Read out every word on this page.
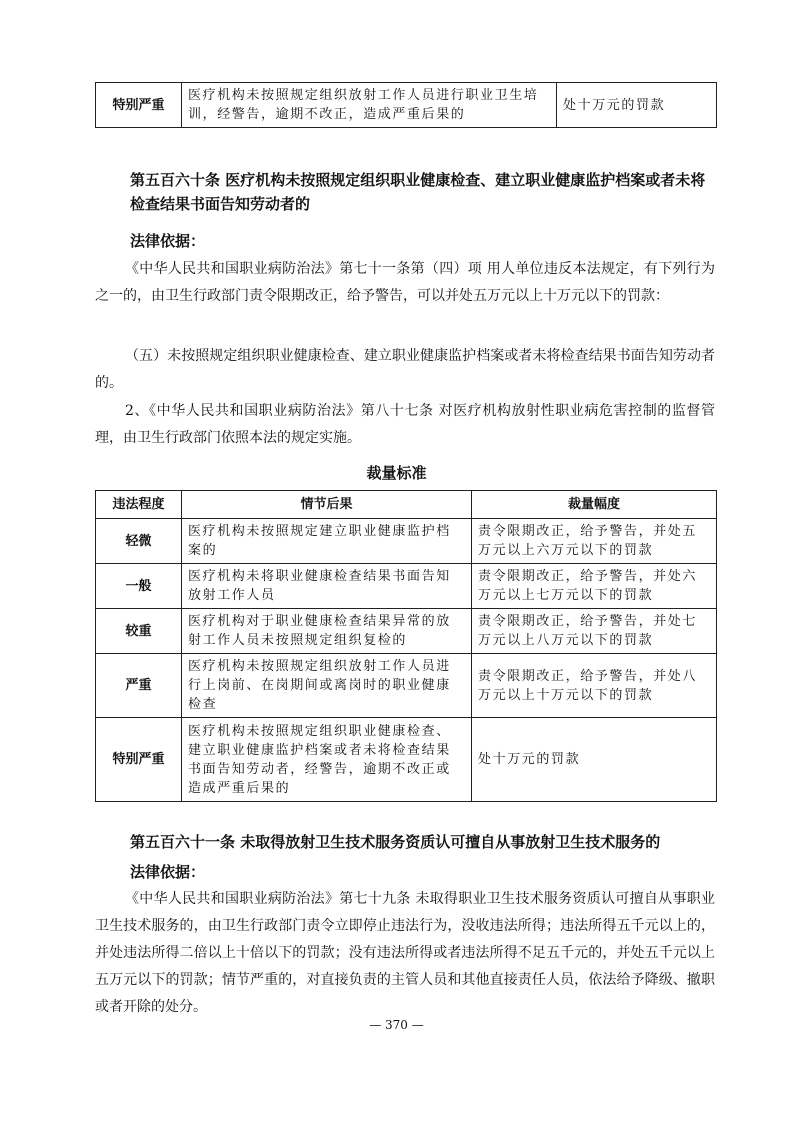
特别严重	医疗机构未按照规定组织放射工作人员进行职业卫生培训，经警告，逾期不改正，造成严重后果的	处十万元的罚款
第五百六十条 医疗机构未按照规定组织职业健康检查、建立职业健康监护档案或者未将检查结果书面告知劳动者的
法律依据：
《中华人民共和国职业病防治法》第七十一条第（四）项 用人单位违反本法规定，有下列行为之一的，由卫生行政部门责令限期改正，给予警告，可以并处五万元以上十万元以下的罚款：
（五）未按照规定组织职业健康检查、建立职业健康监护档案或者未将检查结果书面告知劳动者的。
2、《中华人民共和国职业病防治法》第八十七条 对医疗机构放射性职业病危害控制的监督管理，由卫生行政部门依照本法的规定实施。
裁量标准
违法程度	情节后果	裁量幅度
轻微	医疗机构未按照规定建立职业健康监护档案的	责令限期改正，给予警告，并处五万元以上六万元以下的罚款
一般	医疗机构未将职业健康检查结果书面告知放射工作人员	责令限期改正，给予警告，并处六万元以上七万元以下的罚款
较重	医疗机构对于职业健康检查结果异常的放射工作人员未按照规定组织复检的	责令限期改正，给予警告，并处七万元以上八万元以下的罚款
严重	医疗机构未按照规定组织放射工作人员进行上岗前、在岗期间或离岗时的职业健康检查	责令限期改正，给予警告，并处八万元以上十万元以下的罚款
特别严重	医疗机构未按照规定组织职业健康检查、建立职业健康监护档案或者未将检查结果书面告知劳动者，经警告，逾期不改正或造成严重后果的	处十万元的罚款
第五百六十一条 未取得放射卫生技术服务资质认可擅自从事放射卫生技术服务的
法律依据：
《中华人民共和国职业病防治法》第七十九条 未取得职业卫生技术服务资质认可擅自从事职业卫生技术服务的，由卫生行政部门责令立即停止违法行为，没收违法所得；违法所得五千元以上的，并处违法所得二倍以上十倍以下的罚款；没有违法所得或者违法所得不足五千元的，并处五千元以上五万元以下的罚款；情节严重的，对直接负责的主管人员和其他直接责任人员，依法给予降级、撤职或者开除的处分。
— 370 —
